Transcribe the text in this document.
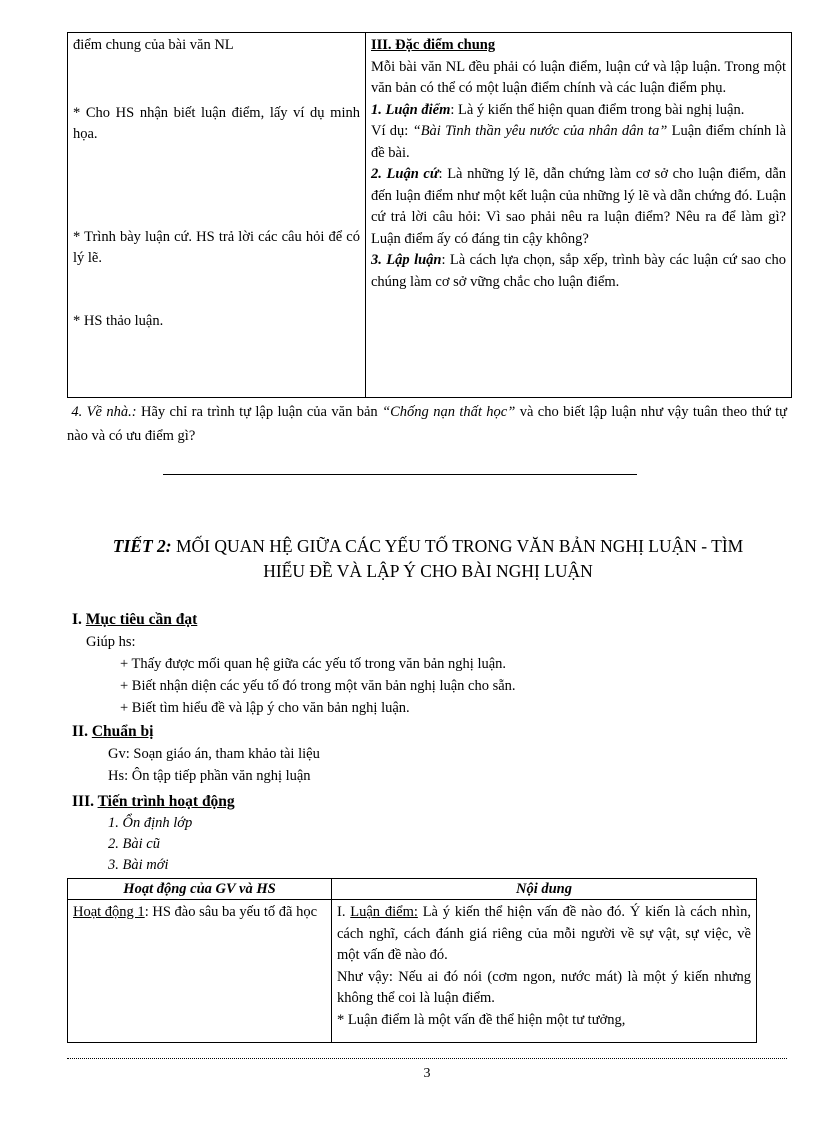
điểm chung của bài văn NL
* Cho HS nhận biết luận điểm, lấy ví dụ minh họa.
* Trình bày luận cứ. HS trả lời các câu hỏi để có lý lẽ.
* HS thảo luận.

III. Đặc điểm chung
Mỗi bài văn NL đều phải có luận điểm, luận cứ và lập luận. Trong một văn bản có thể có một luận điểm chính và các luận điểm phụ.
1. Luận điểm: Là ý kiến thể hiện quan điểm trong bài nghị luận.
Ví dụ: “Bài Tinh thần yêu nước của nhân dân ta” Luận điểm chính là đề bài.
2. Luận cứ: Là những lý lẽ, dẫn chứng làm cơ sở cho luận điểm, dẫn đến luận điểm như một kết luận của những lý lẽ và dẫn chứng đó. Luận cứ trả lời câu hỏi: Vì sao phải nêu ra luận điểm? Nêu ra để làm gì? Luận điểm ấy có đáng tin cậy không?
3. Lập luận: Là cách lựa chọn, sắp xếp, trình bày các luận cứ sao cho chúng làm cơ sở vững chắc cho luận điểm.
4. Về nhà.: Hãy chỉ ra trình tự lập luận của văn bản “Chống nạn thất học” và cho biết lập luận như vậy tuân theo thứ tự nào và có ưu điểm gì?
TIẾT 2: MỐI QUAN HỆ GIỮA CÁC YẾU TỐ TRONG VĂN BẢN NGHỊ LUẬN - TÌM
HIỂU ĐỀ VÀ LẬP Ý CHO BÀI NGHỊ LUẬN
I. Mục tiêu cần đạt
Giúp hs:
+ Thấy được mối quan hệ giữa các yếu tố trong văn bản nghị luận.
+ Biết nhận diện các yếu tố đó trong một văn bản nghị luận cho sẵn.
+ Biết tìm hiểu đề và lập ý cho văn bản nghị luận.
II. Chuẩn bị
Gv: Soạn giáo án, tham khảo tài liệu
Hs: Ôn tập tiếp phần văn nghị luận
III. Tiến trình hoạt động
1. Ổn định lớp
2. Bài cũ
3. Bài mới
Hoạt động của GV và HS	Nội dung
Hoạt động 1: HS đào sâu ba yếu tố đã học	I. Luận điểm: Là ý kiến thể hiện vấn đề nào đó. Ý kiến là cách nhìn, cách nghĩ, cách đánh giá riêng của mỗi người về sự vật, sự việc, về một vấn đề nào đó.
Như vậy: Nếu ai đó nói (cơm ngon, nước mát) là một ý kiến nhưng không thể coi là luận điểm.
* Luận điểm là một vấn đề thể hiện một tư tưởng,
3
